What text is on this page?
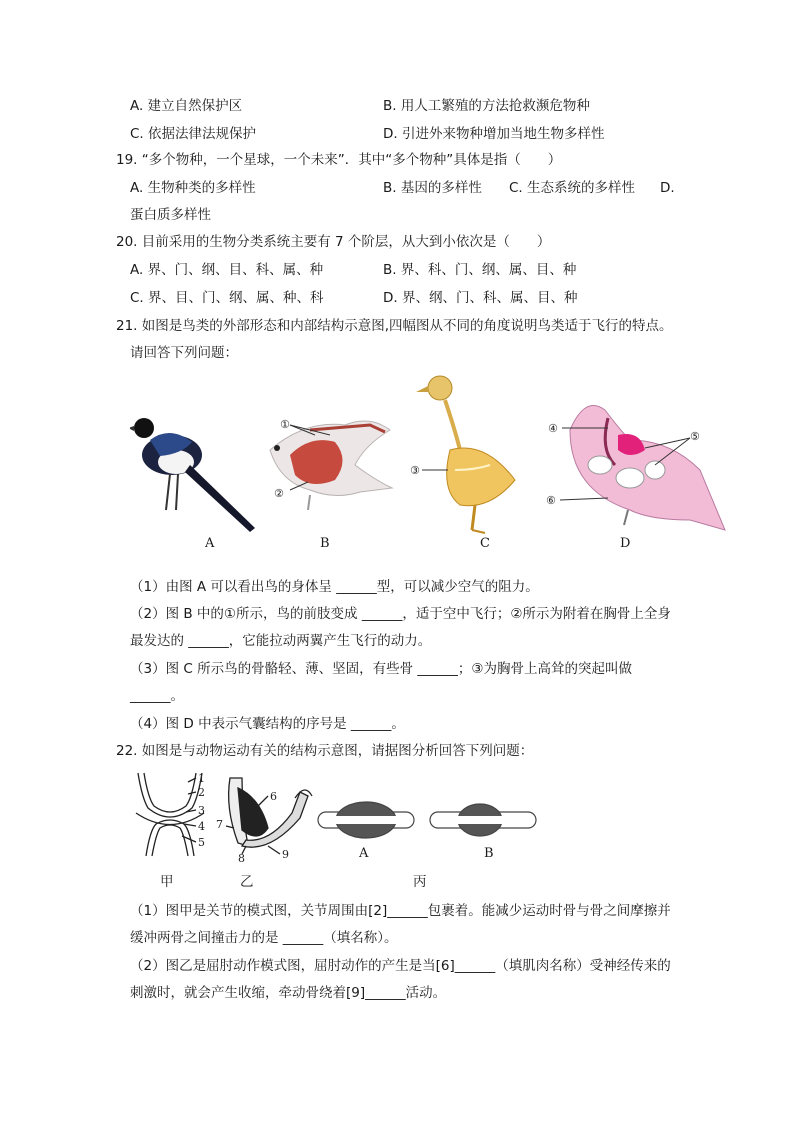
A. 建立自然保护区	B. 用人工繁殖的方法抢救濒危物种
C. 依据法律法规保护	D. 引进外来物种增加当地生物多样性
19. “多个物种，一个星球，一个未来”．其中“多个物种”具体是指（　　）
A. 生物种类的多样性	B. 基因的多样性 C. 生态系统的多样性 D.
蛋白质多样性
20. 目前采用的生物分类系统主要有 7 个阶层，从大到小依次是（　　）
A. 界、门、纲、目、科、属、种	B. 界、科、门、纲、属、目、种
C. 界、目、门、纲、属、种、科	D. 界、纲、门、科、属、目、种
21. 如图是鸟类的外部形态和内部结构示意图,四幅图从不同的角度说明鸟类适于飞行的特点。
请回答下列问题：
①
②
③
④
⑤
⑥
A	B	C	D
（1）由图 A 可以看出鸟的身体呈 ______型，可以减少空气的阻力。
（2）图 B 中的①所示，鸟的前肢变成 ______，适于空中飞行；②所示为附着在胸骨上全身
最发达的 ______，它能拉动两翼产生飞行的动力。
（3）图 C 所示鸟的骨骼轻、薄、坚固，有些骨 ______；③为胸骨上高耸的突起叫做
______。
（4）图 D 中表示气囊结构的序号是 ______。
22. 如图是与动物运动有关的结构示意图，请据图分析回答下列问题：
1
2
3
4
5
6
7
8	9	A	B
甲	乙	丙
（1）图甲是关节的模式图，关节周围由[2]______包裹着。能减少运动时骨与骨之间摩擦并
缓冲两骨之间撞击力的是 ______（填名称）。
（2）图乙是屈肘动作模式图，屈肘动作的产生是当[6]______（填肌肉名称）受神经传来的
刺激时，就会产生收缩，牵动骨绕着[9]______活动。
